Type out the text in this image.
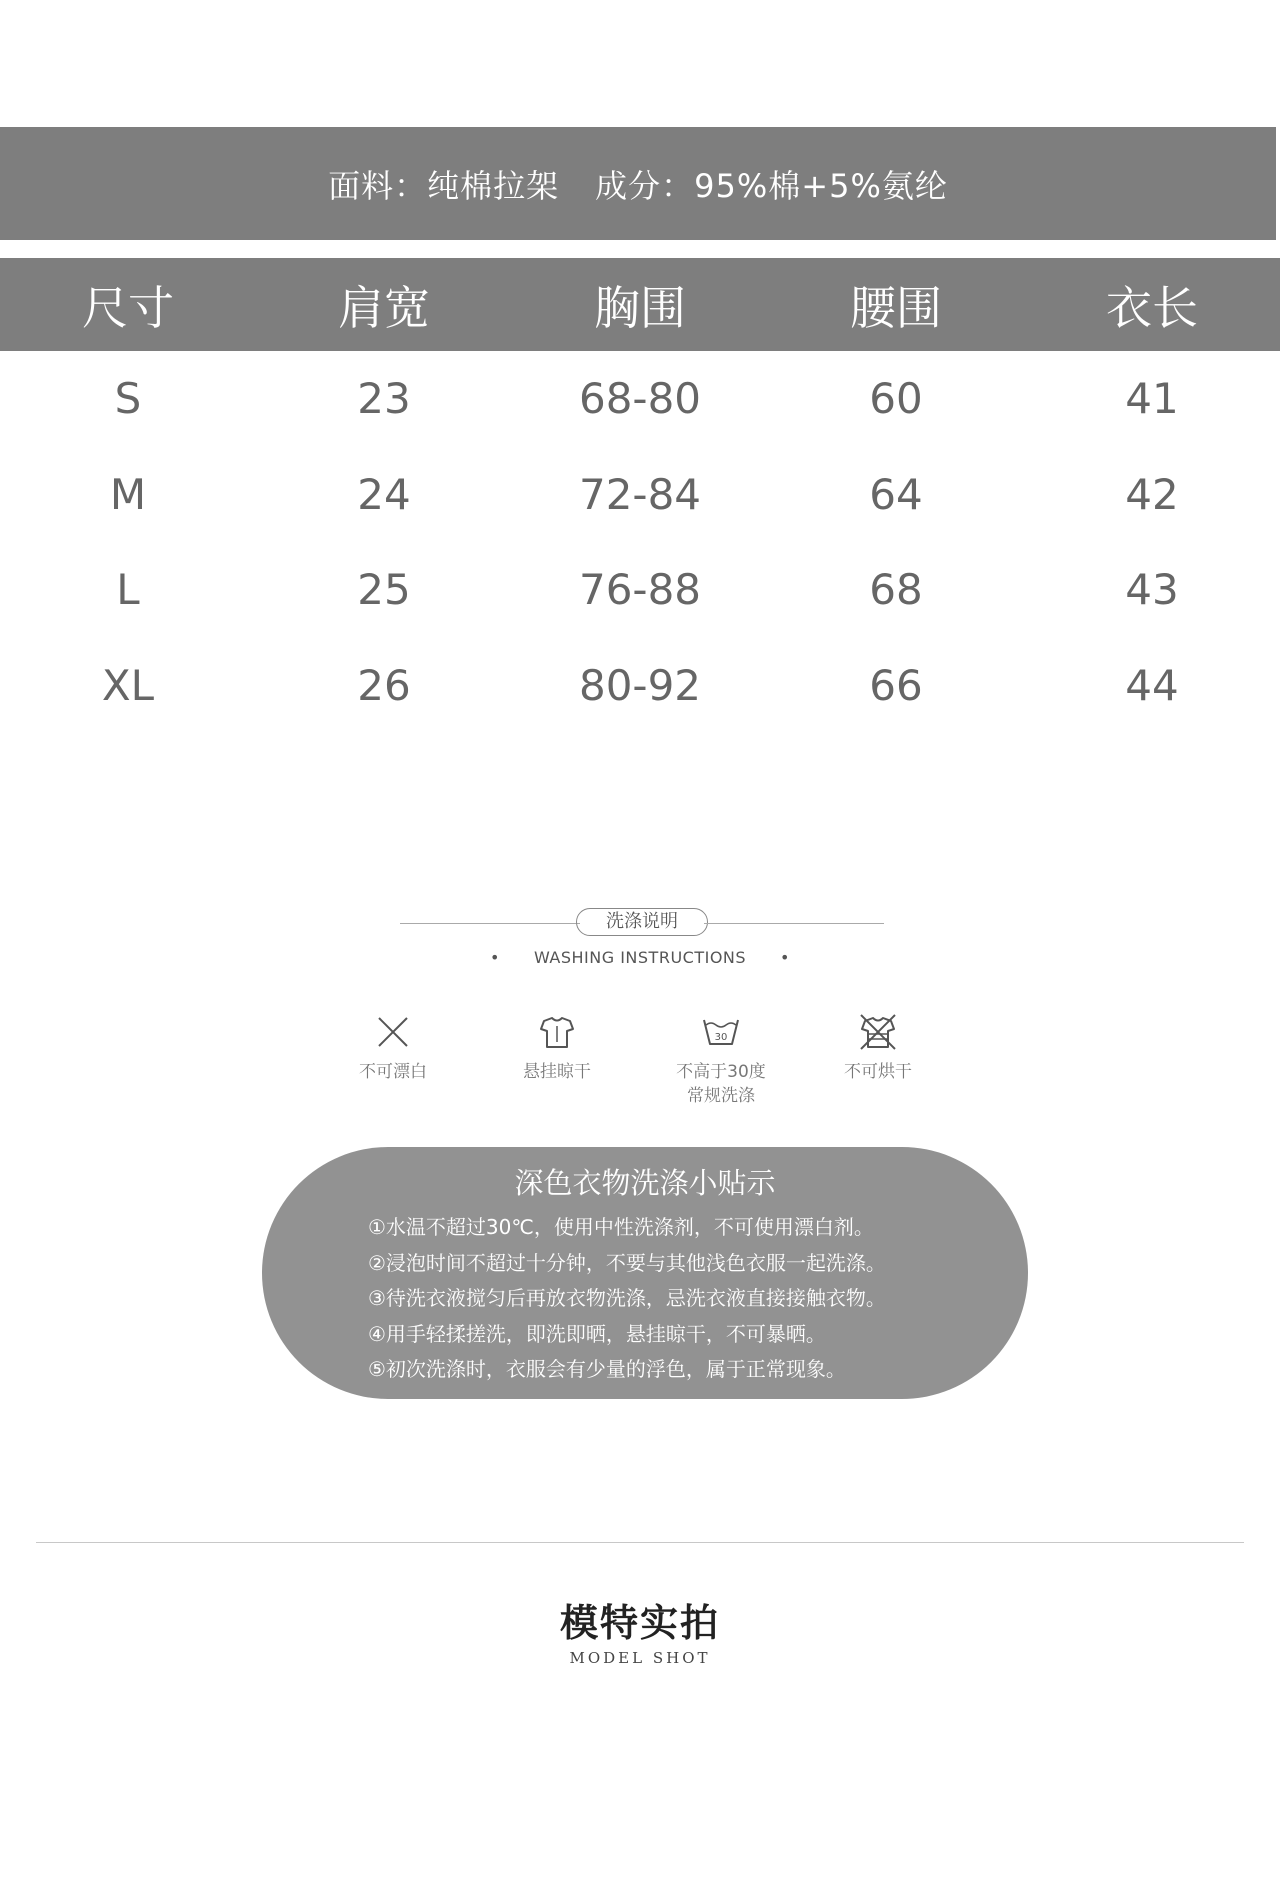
面料：纯棉拉架 成分：95%棉+5%氨纶
尺寸	肩宽	胸围	腰围	衣长
S	23	68-80	60	41
M	24	72-84	64	42
L	25	76-88	68	43
XL	26	80-92	66	44
洗涤说明
• WASHING INSTRUCTIONS •
不可漂白	悬挂晾干
30
不高于30度
常规洗涤
不可烘干
深色衣物洗涤小贴示
①水温不超过30℃，使用中性洗涤剂，不可使用漂白剂。
②浸泡时间不超过十分钟，不要与其他浅色衣服一起洗涤。
③待洗衣液搅匀后再放衣物洗涤，忌洗衣液直接接触衣物。
④用手轻揉搓洗，即洗即晒，悬挂晾干，不可暴晒。
⑤初次洗涤时，衣服会有少量的浮色，属于正常现象。
模特实拍
MODEL SHOT
